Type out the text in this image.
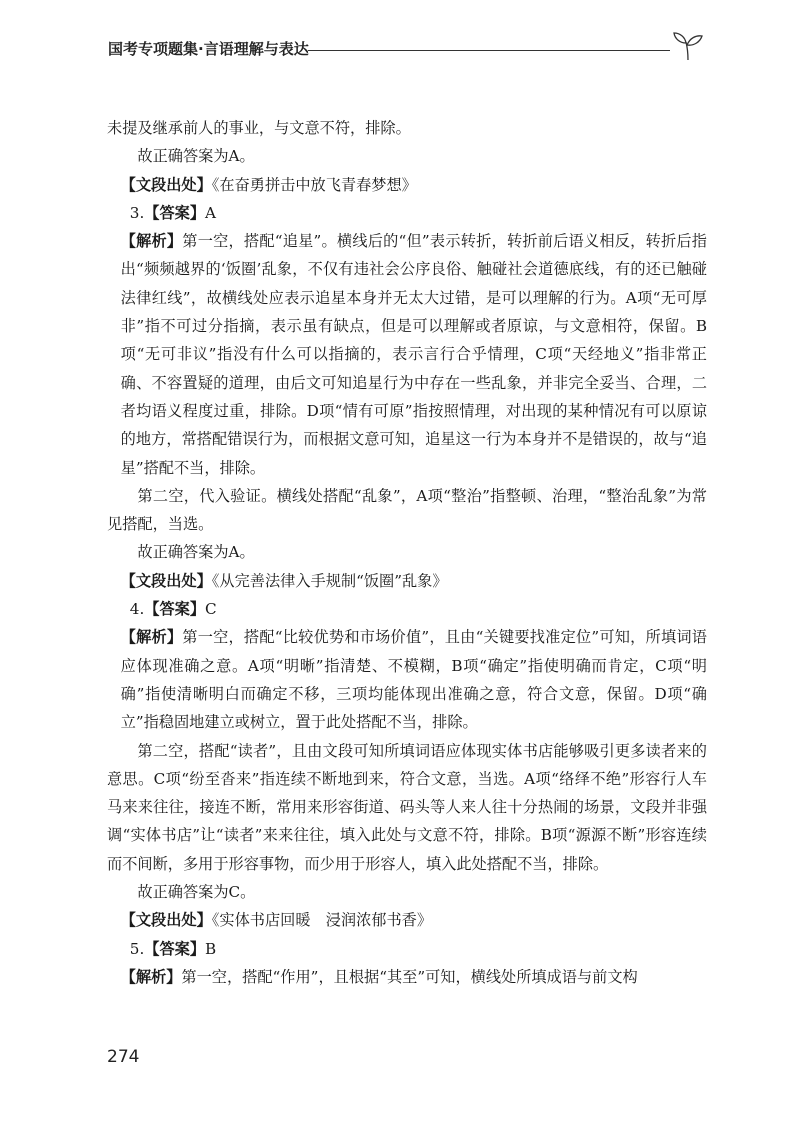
国考专项题集·言语理解与表达

未提及继承前人的事业，与文意不符，排除。

故正确答案为A。

【文段出处】《在奋勇拼击中放飞青春梦想》

3.【答案】A

【解析】第一空，搭配“追星”。横线后的“但”表示转折，转折前后语义相反，转折后指出“频频越界的‘饭圈’乱象，不仅有违社会公序良俗、触碰社会道德底线，有的还已触碰法律红线”，故横线处应表示追星本身并无太大过错，是可以理解的行为。A项“无可厚非”指不可过分指摘，表示虽有缺点，但是可以理解或者原谅，与文意相符，保留。B项“无可非议”指没有什么可以指摘的，表示言行合乎情理，C项“天经地义”指非常正确、不容置疑的道理，由后文可知追星行为中存在一些乱象，并非完全妥当、合理，二者均语义程度过重，排除。D项“情有可原”指按照情理，对出现的某种情况有可以原谅的地方，常搭配错误行为，而根据文意可知，追星这一行为本身并不是错误的，故与“追星”搭配不当，排除。

第二空，代入验证。横线处搭配“乱象”，A项“整治”指整顿、治理，“整治乱象”为常见搭配，当选。

故正确答案为A。

【文段出处】《从完善法律入手规制“饭圈”乱象》

4.【答案】C

【解析】第一空，搭配“比较优势和市场价值”，且由“关键要找准定位”可知，所填词语应体现准确之意。A项“明晰”指清楚、不模糊，B项“确定”指使明确而肯定，C项“明确”指使清晰明白而确定不移，三项均能体现出准确之意，符合文意，保留。D项“确立”指稳固地建立或树立，置于此处搭配不当，排除。

第二空，搭配“读者”，且由文段可知所填词语应体现实体书店能够吸引更多读者来的意思。C项“纷至沓来”指连续不断地到来，符合文意，当选。A项“络绎不绝”形容行人车马来来往往，接连不断，常用来形容街道、码头等人来人往十分热闹的场景，文段并非强调“实体书店”让“读者”来来往往，填入此处与文意不符，排除。B项“源源不断”形容连续而不间断，多用于形容事物，而少用于形容人，填入此处搭配不当，排除。

故正确答案为C。

【文段出处】《实体书店回暖　浸润浓郁书香》

5.【答案】B

【解析】第一空，搭配“作用”，且根据“其至”可知，横线处所填成语与前文构

274
